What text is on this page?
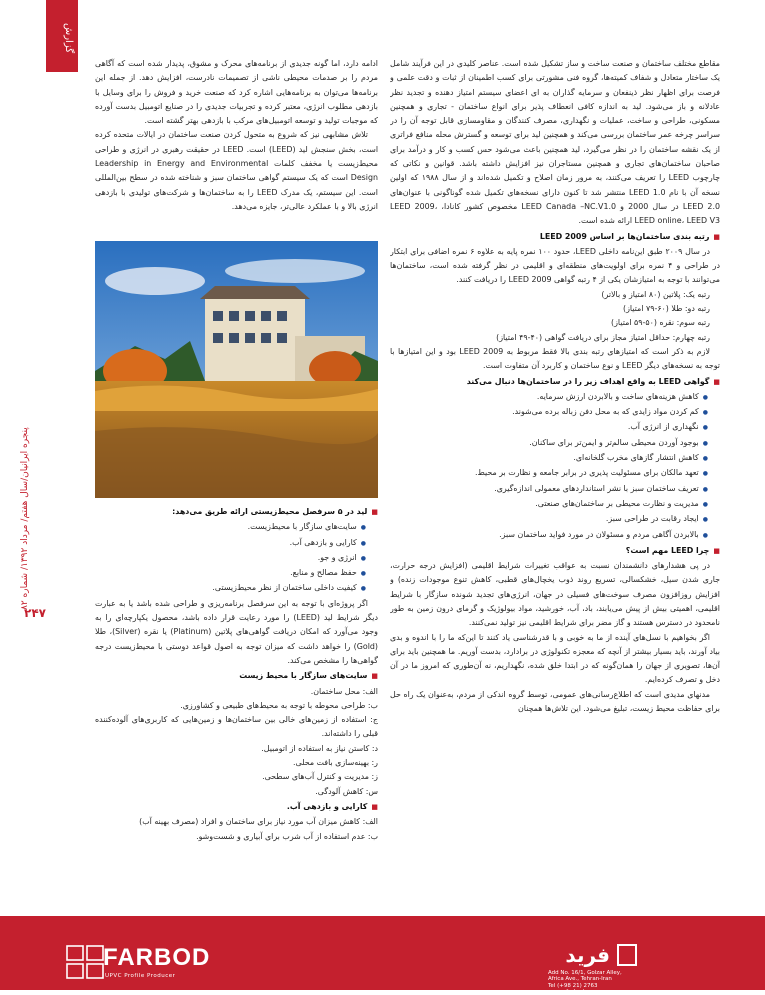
گزارش
پنجره ایرانیان/سال هفتم/ مرداد ۱۳۹۲/ شماره ۸۲
۲۴۷

مقاطع مختلف ساختمان و صنعت ساخت و ساز تشکیل شده است. عناصر کلیدی در این فرآیند شامل یک ساختار متعادل و شفاف کمیته‌ها، گروه فنی مشورتی برای کسب اطمینان از ثبات و دقت علمی و فرصت برای اظهار نظر ذینفعان و سرمایه گذاران به ای اعضای سیستم امتیاز دهنده و تجدید نظر عادلانه و باز می‌شود. لید به اندازه کافی انعطاف پذیر برای انواع ساختمان - تجاری و همچنین مسکونی، طراحی و ساخت، عملیات و نگهداری، مصرف کنندگان و مقاومسازی قابل توجه آن را در سراسر چرخه عمر ساختمان بررسی می‌کند و همچنین لید برای توسعه و گسترش محله منافع فراتری از یک نقشه ساختمان را در نظر می‌گیرد، لید همچنین باعث می‌شود حس کسب و کار و درآمد برای صاحبان ساختمان‌های تجاری و همچنین مستاجران نیز افزایش داشته باشد. قوانین و نکاتی که چارچوب LEED را تعریف می‌کنند، به مرور زمان اصلاح و تکمیل شده‌اند و از سال ۱۹۸۸ که اولین نسخه آن با نام LEED 1.0 منتشر شد تا کنون دارای نسخه‌های تکمیل شده گوناگونی با عنوان‌های LEED 2.0 در سال 2000 و LEED Canada –NC.V1.0 مخصوص کشور کانادا، LEED 2009، LEED online، LEED V3 ارائه شده است.

■ رتبه بندی ساختمان‌ها بر اساس LEED 2009

در سال ۲۰۰۹ طبق این‌نامه داخلی LEED، حدود ۱۰۰ نمره پایه به علاوه ۶ نمره اضافی برای ابتکار در طراحی و ۴ نمره برای اولویت‌های منطقه‌ای و اقلیمی در نظر گرفته شده است، ساختمان‌ها می‌توانند با توجه به امتیازشان یکی از ۴ رتبه گواهی LEED 2009 را دریافت کنند.

رتبه یک: پلاتین (۸۰ امتیاز و بالاتر)

رتبه دو: طلا (۶۰-۷۹ امتیاز)

رتبه سوم: نقره (۵۰-۵۹ امتیاز)

رتبه چهارم: حداقل امتیاز مجاز برای دریافت گواهی (۴۰-۴۹ امتیاز)

لازم به ذکر است که امتیازهای رتبه بندی بالا فقط مربوط به LEED 2009 بود و این امتیازها با توجه به نسخه‌های دیگر LEED و نوع ساختمان و کاربرد آن متفاوت است.

■ گواهی LEED به واقع اهداف زیر را در ساختمان‌ها دنبال می‌کند
● کاهش هزینه‌های ساخت و بالابردن ارزش سرمایه.
● کم کردن مواد زایدی که به محل دفن زباله برده می‌شوند.
● نگهداری از انرژی آب.
● بوجود آوردن محیطی سالم‌تر و ایمن‌تر برای ساکنان.
● کاهش انتشار گازهای مخرب گلخانه‌ای.
● تعهد مالکان برای مسئولیت پذیری در برابر جامعه و نظارت بر محیط.
● تعریف ساختمان سبز با نشر استانداردهای معمولی اندازه‌گیری.
● مدیریت و نظارت محیطی بر ساختمان‌های صنعتی.
● ایجاد رقابت در طراحی سبز.
● بالابردن آگاهی مردم و مسئولان در مورد فواید ساختمان سبز.
■ چرا LEED مهم است؟

در پی هشدارهای دانشمندان نسبت به عواقب تغییرات شرایط اقلیمی (افزایش درجه حرارت، جاری شدن سیل، خشکسالی، تسریع روند ذوب یخچال‌های قطبی، کاهش تنوع موجودات زنده) و افزایش روزافزون مصرف سوخت‌های فسیلی در جهان، انرژی‌های تجدید شونده سازگار با شرایط اقلیمی، اهمیتی بیش از پیش می‌یابند، باد، آب، خورشید، مواد بیولوژیک و گرمای درون زمین به طور نامحدود در دسترس هستند و گاز مضر برای شرایط اقلیمی نیز تولید نمی‌کنند.

اگر بخواهیم با نسل‌های آینده از ما به خوبی و با قدرشناسی یاد کنند تا این‌که ما را با اندوه و بدی بیاد آورند، باید بسیار بیشتر از آنچه که معجزه تکنولوژی در برادارد، بدست آوریم. ما همچنین باید برای آن‌ها، تصویری از جهان را همان‌گونه که در ابتدا خلق شده، نگهداریم، نه آن‌طوری که امروز ما در آن دخل و تصرف کرده‌ایم.

مدنهای مدیدی است که اطلاع‌رسانی‌های عمومی، توسط گروه اندکی از مردم، به‌عنوان یک راه حل برای حفاظت محیط زیست، تبلیغ می‌شود. این تلاش‌ها همچنان

ادامه دارد، اما گونه جدیدی از برنامه‌های محرک و مشوق، پدیدار شده است که آگاهی مردم را بر صدمات محیطی ناشی از تصمیمات نادرست، افزایش دهد. از جمله این برنامه‌ها می‌توان به برنامه‌هایی اشاره کرد که صنعت خرید و فروش را برای وسایل با بازدهی مطلوب انرژی، معتبر کرده و تجربیات جدیدی را در صنایع اتومبیل بدست آورده که موجبات تولید و توسعه اتومبیل‌های مرکب با بازدهی بهتر گشته است.

تلاش مشابهی نیز که شروع به متحول کردن صنعت ساختمان در ایالات متحده کرده است، بخش سنجش لید (LEED) است. LEED در حقیقت رهبری در انرژی و طراحی محیط‌زیست یا مخفف کلمات Leadership in Energy and Environmental Design است که یک سیستم گواهی ساختمان سبز و شناخته شده در سطح بین‌المللی است. این سیستم، یک مدرک LEED را به ساختمان‌ها و شرکت‌های تولیدی با بازدهی انرژی بالا و با عملکرد عالی‌تر، جایزه می‌دهد.

■ لید در ۵ سرفصل محیط‌زیستی ارائه طریق می‌دهد:
● سایت‌های سازگار با محیط‌زیست.
● کارایی و بازدهی آب.
● انرژی و جو.
● حفظ مصالح و منابع.
● کیفیت داخلی ساختمان از نظر محیط‌زیستی.

اگر پروژه‌ای با توجه به این سرفصل برنامه‌ریزی و طراحی شده باشد یا به عبارت دیگر شرایط لید (LEED) را مورد رعایت قرار داده باشد، محصول یکپارچه‌ای را به وجود می‌آورد که امکان دریافت گواهی‌های پلاتین (Platinum) یا نقره (Silver)، طلا (Gold) را خواهد داشت که میزان توجه به اصول قواعد دوستی با محیط‌زیست درجه گواهی‌ها را مشخص می‌کند.

■ سایت‌های سازگار با محیط زیست

الف: محل ساختمان.

ب: طراحی محوطه با توجه به محیط‌های طبیعی و کشاورزی.

ج: استفاده از زمین‌های خالی بین ساختمان‌ها و زمین‌هایی که کاربری‌های آلوده‌کننده قبلی را داشته‌اند.

د: کاستن نیاز به استفاده از اتومبیل.

ر: بهینه‌سازی بافت محلی.

ز: مدیریت و کنترل آب‌های سطحی.

س: کاهش آلودگی.

■ کارایی و بازدهی آب.

الف: کاهش میزان آب مورد نیاز برای ساختمان و افراد (مصرف بهینه آب)

ب: عدم استفاده از آب شرب برای آبیاری و شست‌وشو.

FARBOD
UPVC Profile Producer
فرید
Add No. 16/1, Golzar Alley,
Africa Ave., Tehran-Iran
Tel (+98 21) 2763
www.afarbod.com
